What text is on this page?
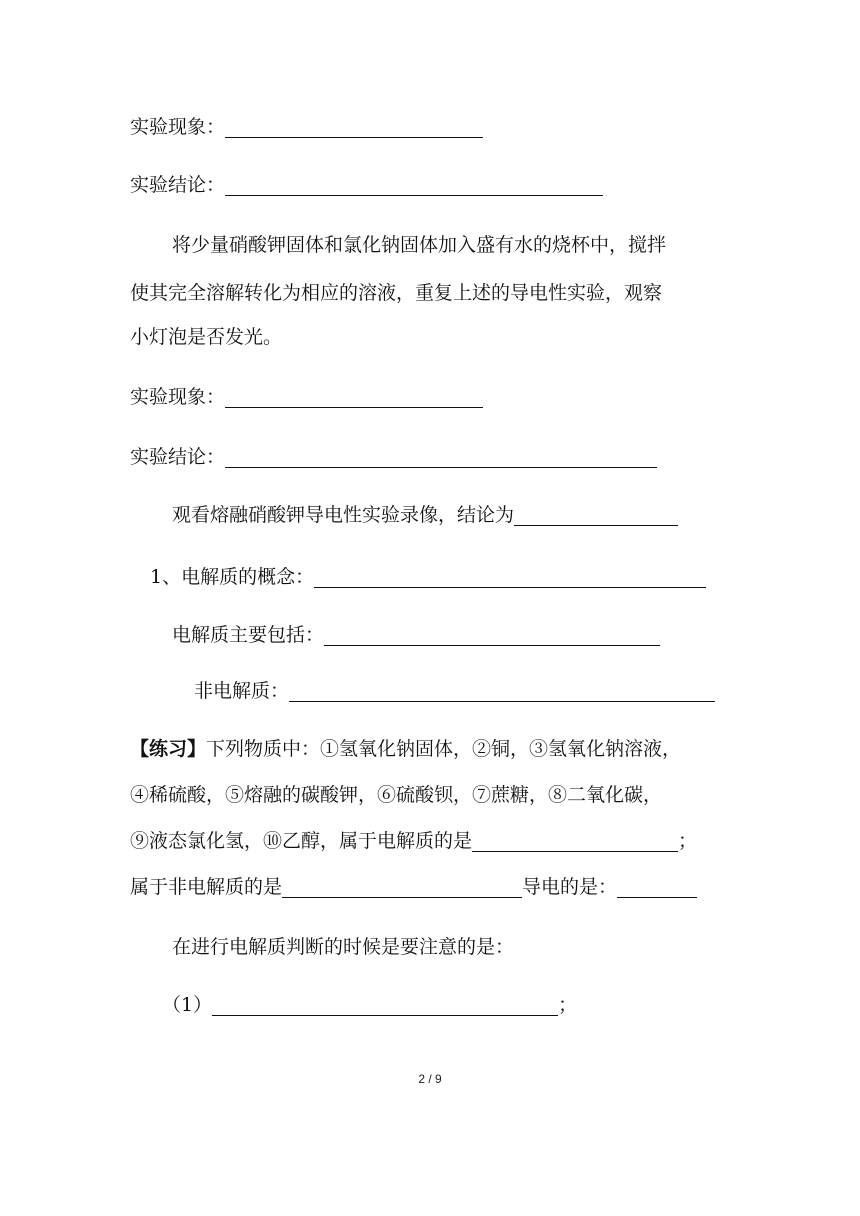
实验现象：
实验结论：
将少量硝酸钾固体和氯化钠固体加入盛有水的烧杯中，搅拌
使其完全溶解转化为相应的溶液，重复上述的导电性实验，观察
小灯泡是否发光。
实验现象：
实验结论：
观看熔融硝酸钾导电性实验录像，结论为
1、电解质的概念：
电解质主要包括：
非电解质：
【练习】 下列物质中：①氢氧化钠固体，②铜，③氢氧化钠溶液，
④稀硫酸，⑤熔融的碳酸钾，⑥硫酸钡，⑦蔗糖，⑧二氧化碳，
⑨液态氯化氢，⑩乙醇，属于电解质的是	；
属于非电解质的是	导电的是：
在进行电解质判断的时候是要注意的是：
（1）	；
2 / 9
